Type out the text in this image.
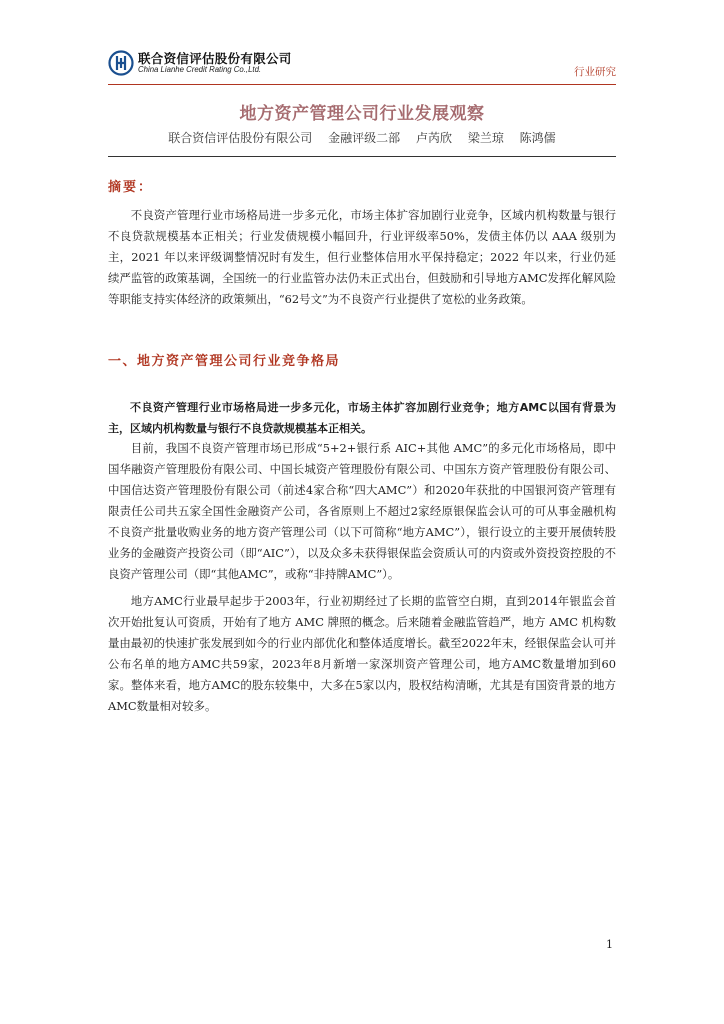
联合资信评估股份有限公司
China Lianhe Credit Rating Co.,Ltd.	行业研究
地方资产管理公司行业发展观察
联合资信评估股份有限公司 金融评级二部 卢芮欣 梁兰琼 陈鸿儒
摘要：

不良资产管理行业市场格局进一步多元化，市场主体扩容加剧行业竞争，区域内机构数量与银行不良贷款规模基本正相关；行业发债规模小幅回升，行业评级率50%，发债主体仍以 AAA 级别为主，2021 年以来评级调整情况时有发生，但行业整体信用水平保持稳定；2022 年以来，行业仍延续严监管的政策基调，全国统一的行业监管办法仍未正式出台，但鼓励和引导地方AMC发挥化解风险等职能支持实体经济的政策频出，“62号文”为不良资产行业提供了宽松的业务政策。

一、地方资产管理公司行业竞争格局

不良资产管理行业市场格局进一步多元化，市场主体扩容加剧行业竞争；地方AMC以国有背景为主，区域内机构数量与银行不良贷款规模基本正相关。

目前，我国不良资产管理市场已形成“5+2+银行系 AIC+其他 AMC”的多元化市场格局，即中国华融资产管理股份有限公司、中国长城资产管理股份有限公司、中国东方资产管理股份有限公司、中国信达资产管理股份有限公司（前述4家合称“四大AMC”）和2020年获批的中国银河资产管理有限责任公司共五家全国性金融资产公司，各省原则上不超过2家经原银保监会认可的可从事金融机构不良资产批量收购业务的地方资产管理公司（以下可简称“地方AMC”），银行设立的主要开展债转股业务的金融资产投资公司（即“AIC”），以及众多未获得银保监会资质认可的内资或外资投资控股的不良资产管理公司（即“其他AMC”，或称“非持牌AMC”）。

地方AMC行业最早起步于2003年，行业初期经过了长期的监管空白期，直到2014年银监会首次开始批复认可资质，开始有了地方 AMC 牌照的概念。后来随着金融监管趋严，地方 AMC 机构数量由最初的快速扩张发展到如今的行业内部优化和整体适度增长。截至2022年末，经银保监会认可并公布名单的地方AMC共59家，2023年8月新增一家深圳资产管理公司，地方AMC数量增加到60家。整体来看，地方AMC的股东较集中，大多在5家以内，股权结构清晰，尤其是有国资背景的地方AMC数量相对较多。

1
